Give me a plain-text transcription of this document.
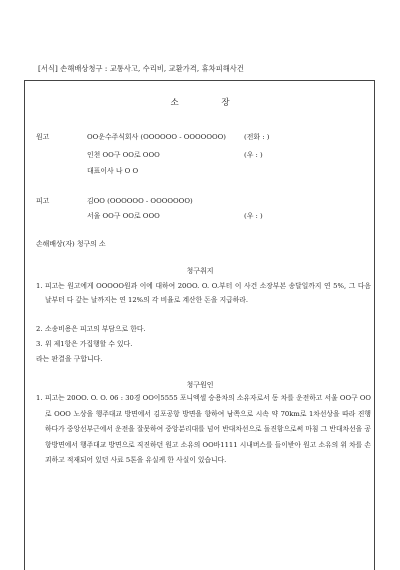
[서식] 손해배상청구 : 교통사고, 수리비, 교환가격, 휴차피해사건
소 장
원고	OO운수주식회사 (OOOOOO - OOOOOOO)	(전화 : )
인천 OO구 OO로 OOO	(우 : )
대표이사 나 O O
피고	김OO (OOOOOO - OOOOOOO)
서울 OO구 OO로 OOO	(우 : )
손해배상(자) 청구의 소
청구취지
1. 피고는 원고에게 OOOOO원과 이에 대하여 20OO. O. O.부터 이 사건 소장부본 송달일까지 연 5%, 그 다음날부터 다 갚는 날까지는 연 12%의 각 비율로 계산한 돈을 지급하라.
2. 소송비용은 피고의 부담으로 한다.
3. 위 제1항은 가집행할 수 있다.
라는 판결을 구합니다.
청구원인
1. 피고는 20OO. O. O. 06 : 30경 OO이5555 포니엑셀 승용차의 소유자로서 동 차를 운전하고 서울 OO구 OO로 OOO 노상을 행주대교 방면에서 김포공항 방면을 향하여 남쪽으로 시속 약 70km로 1차선상을 따라 진행하다가 중앙선부근에서 운전을 잘못하여 중앙분리대를 넘어 반대차선으로 돌진함으로써 마침 그 반대차선을 공항방면에서 행주대교 방면으로 직진하던 원고 소유의 OO바1111 시내버스를 들이받아 원고 소유의 위 차를 손괴하고 적재되어 있던 사료 5톤을 유실케 한 사실이 있습니다.
